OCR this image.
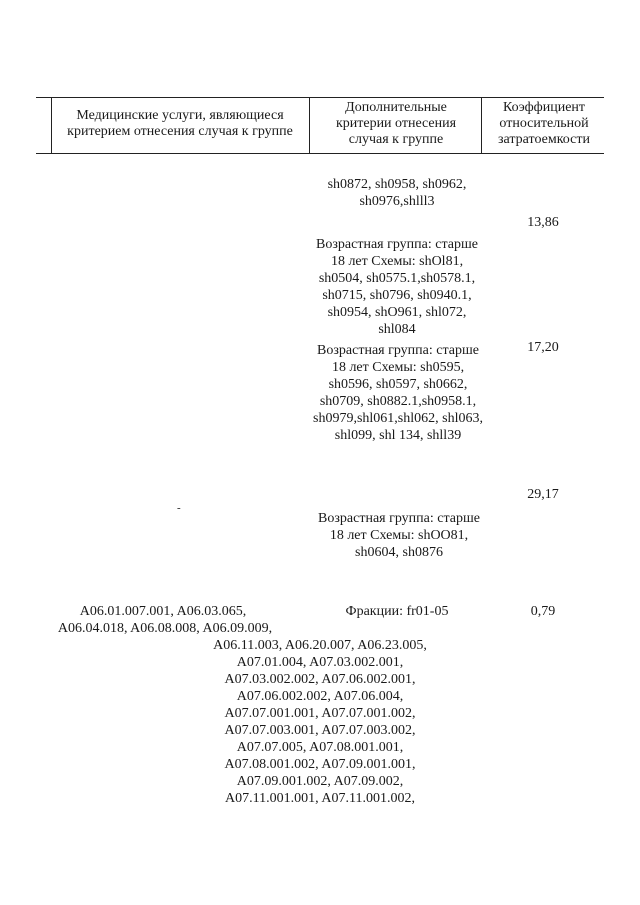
Медицинские услуги, являющиеся критерием отнесения случая к группе
Дополнительные критерии отнесения случая к группе
Коэффициент относительной затратоемкости
sh0872, sh0958, sh0962, sh0976,shlll3
13,86
Возрастная группа: старше 18 лет Схемы: shOl81, sh0504, sh0575.1,sh0578.1, sh0715, sh0796, sh0940.1, sh0954, shO961, shl072, shl084
17,20
Возрастная группа: старше 18 лет Схемы: sh0595, sh0596, sh0597, sh0662, sh0709, sh0882.1,sh0958.1, sh0979,shl061,shl062, shl063, shl099, shl 134, shll39
29,17
-
Возрастная группа: старше 18 лет Схемы: shOO81, sh0604, sh0876
A06.01.007.001, A06.03.065,
A06.04.018, A06.08.008, A06.09.009,
A06.11.003, A06.20.007, A06.23.005,
A07.01.004, A07.03.002.001,
A07.03.002.002, A07.06.002.001,
A07.06.002.002, A07.06.004,
A07.07.001.001, A07.07.001.002,
A07.07.003.001, A07.07.003.002,
A07.07.005, A07.08.001.001,
A07.08.001.002, A07.09.001.001,
A07.09.001.002, A07.09.002,
A07.11.001.001, A07.11.001.002,
Фракции: fr01-05	0,79
